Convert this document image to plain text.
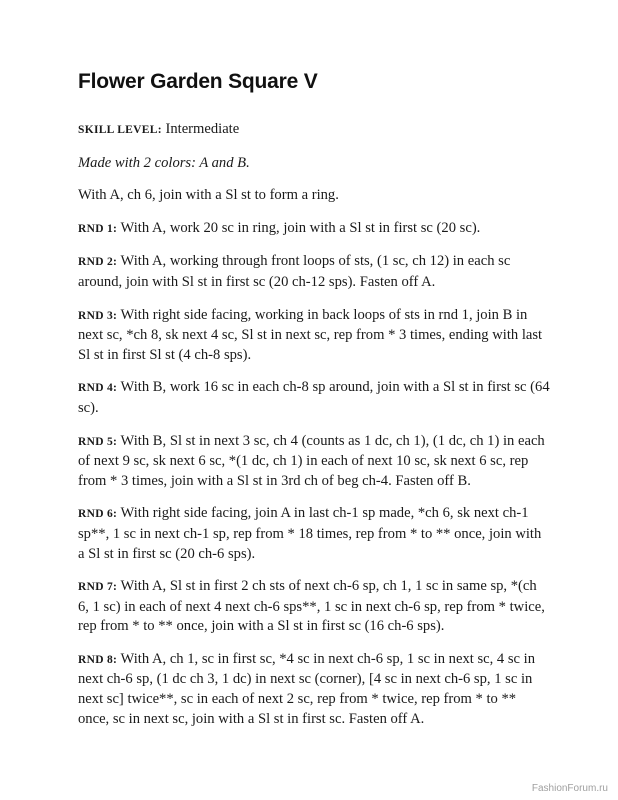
Flower Garden Square V

SKILL LEVEL: Intermediate

Made with 2 colors: A and B.

With A, ch 6, join with a Sl st to form a ring.

RND 1: With A, work 20 sc in ring, join with a Sl st in first sc (20 sc).

RND 2: With A, working through front loops of sts, (1 sc, ch 12) in each sc around, join with Sl st in first sc (20 ch-12 sps). Fasten off A.

RND 3: With right side facing, working in back loops of sts in rnd 1, join B in next sc, *ch 8, sk next 4 sc, Sl st in next sc, rep from * 3 times, ending with last Sl st in first Sl st (4 ch-8 sps).

RND 4: With B, work 16 sc in each ch-8 sp around, join with a Sl st in first sc (64 sc).

RND 5: With B, Sl st in next 3 sc, ch 4 (counts as 1 dc, ch 1), (1 dc, ch 1) in each of next 9 sc, sk next 6 sc, *(1 dc, ch 1) in each of next 10 sc, sk next 6 sc, rep from * 3 times, join with a Sl st in 3rd ch of beg ch-4. Fasten off B.

RND 6: With right side facing, join A in last ch-1 sp made, *ch 6, sk next ch-1 sp**, 1 sc in next ch-1 sp, rep from * 18 times, rep from * to ** once, join with a Sl st in first sc (20 ch-6 sps).

RND 7: With A, Sl st in first 2 ch sts of next ch-6 sp, ch 1, 1 sc in same sp, *(ch 6, 1 sc) in each of next 4 next ch-6 sps**, 1 sc in next ch-6 sp, rep from * twice, rep from * to ** once, join with a Sl st in first sc (16 ch-6 sps).

RND 8: With A, ch 1, sc in first sc, *4 sc in next ch-6 sp, 1 sc in next sc, 4 sc in next ch-6 sp, (1 dc ch 3, 1 dc) in next sc (corner), [4 sc in next ch-6 sp, 1 sc in next sc] twice**, sc in each of next 2 sc, rep from * twice, rep from * to ** once, sc in next sc, join with a Sl st in first sc. Fasten off A.

FashionForum.ru
